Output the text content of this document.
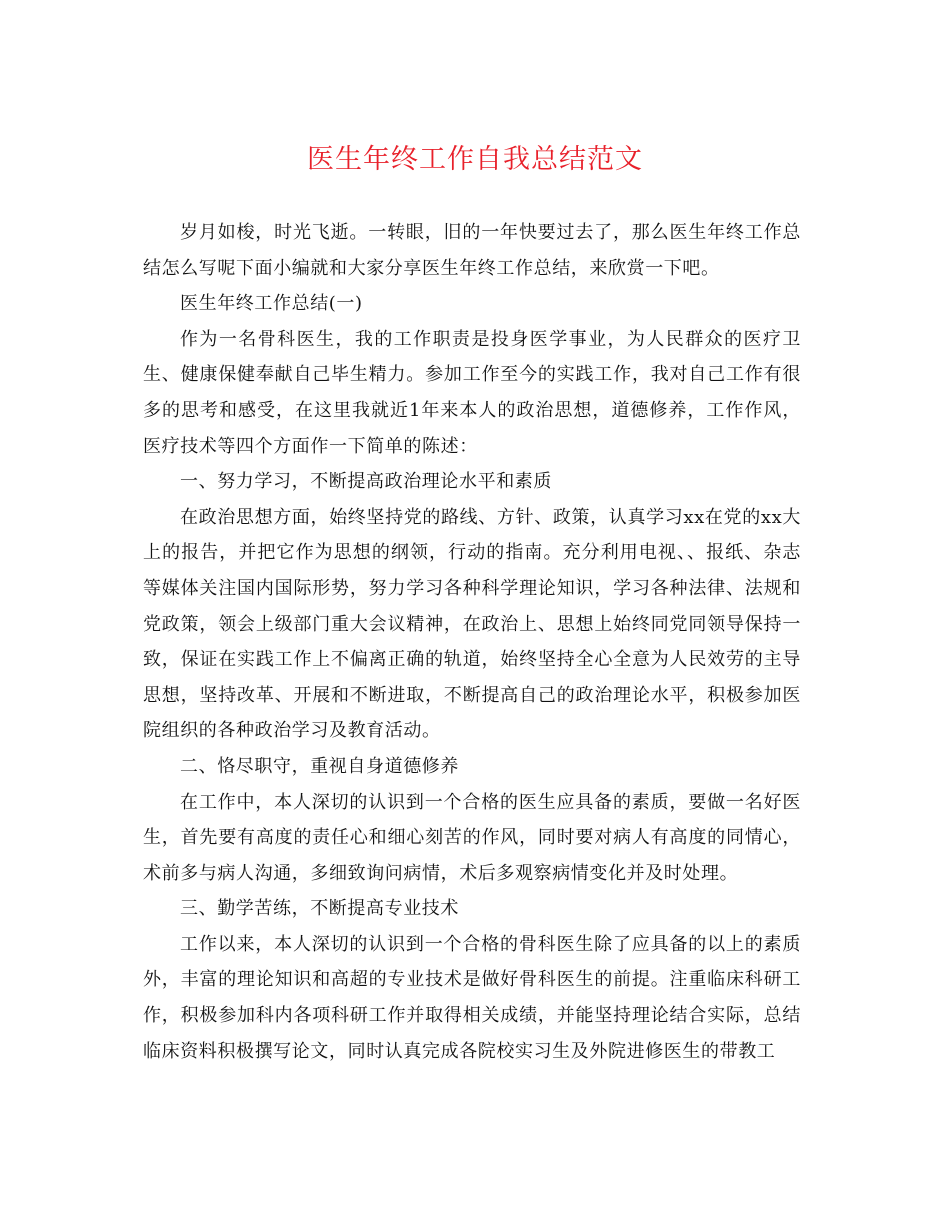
医生年终工作自我总结范文

岁月如梭，时光飞逝。一转眼，旧的一年快要过去了，那么医生年终工作总结怎么写呢下面小编就和大家分享医生年终工作总结，来欣赏一下吧。

医生年终工作总结(一)

作为一名骨科医生，我的工作职责是投身医学事业，为人民群众的医疗卫生、健康保健奉献自己毕生精力。参加工作至今的实践工作，我对自己工作有很多的思考和感受，在这里我就近1年来本人的政治思想，道德修养，工作作风，医疗技术等四个方面作一下简单的陈述：

一、努力学习，不断提高政治理论水平和素质

在政治思想方面，始终坚持党的路线、方针、政策，认真学习xx在党的xx大上的报告，并把它作为思想的纲领，行动的指南。充分利用电视、、报纸、杂志等媒体关注国内国际形势，努力学习各种科学理论知识，学习各种法律、法规和党政策，领会上级部门重大会议精神，在政治上、思想上始终同党同领导保持一致，保证在实践工作上不偏离正确的轨道，始终坚持全心全意为人民效劳的主导思想，坚持改革、开展和不断进取，不断提高自己的政治理论水平，积极参加医院组织的各种政治学习及教育活动。

二、恪尽职守，重视自身道德修养

在工作中，本人深切的认识到一个合格的医生应具备的素质，要做一名好医生，首先要有高度的责任心和细心刻苦的作风，同时要对病人有高度的同情心，术前多与病人沟通，多细致询问病情，术后多观察病情变化并及时处理。

三、勤学苦练，不断提高专业技术

工作以来，本人深切的认识到一个合格的骨科医生除了应具备的以上的素质外，丰富的理论知识和高超的专业技术是做好骨科医生的前提。注重临床科研工作，积极参加科内各项科研工作并取得相关成绩，并能坚持理论结合实际，总结临床资料积极撰写论文，同时认真完成各院校实习生及外院进修医生的带教工
